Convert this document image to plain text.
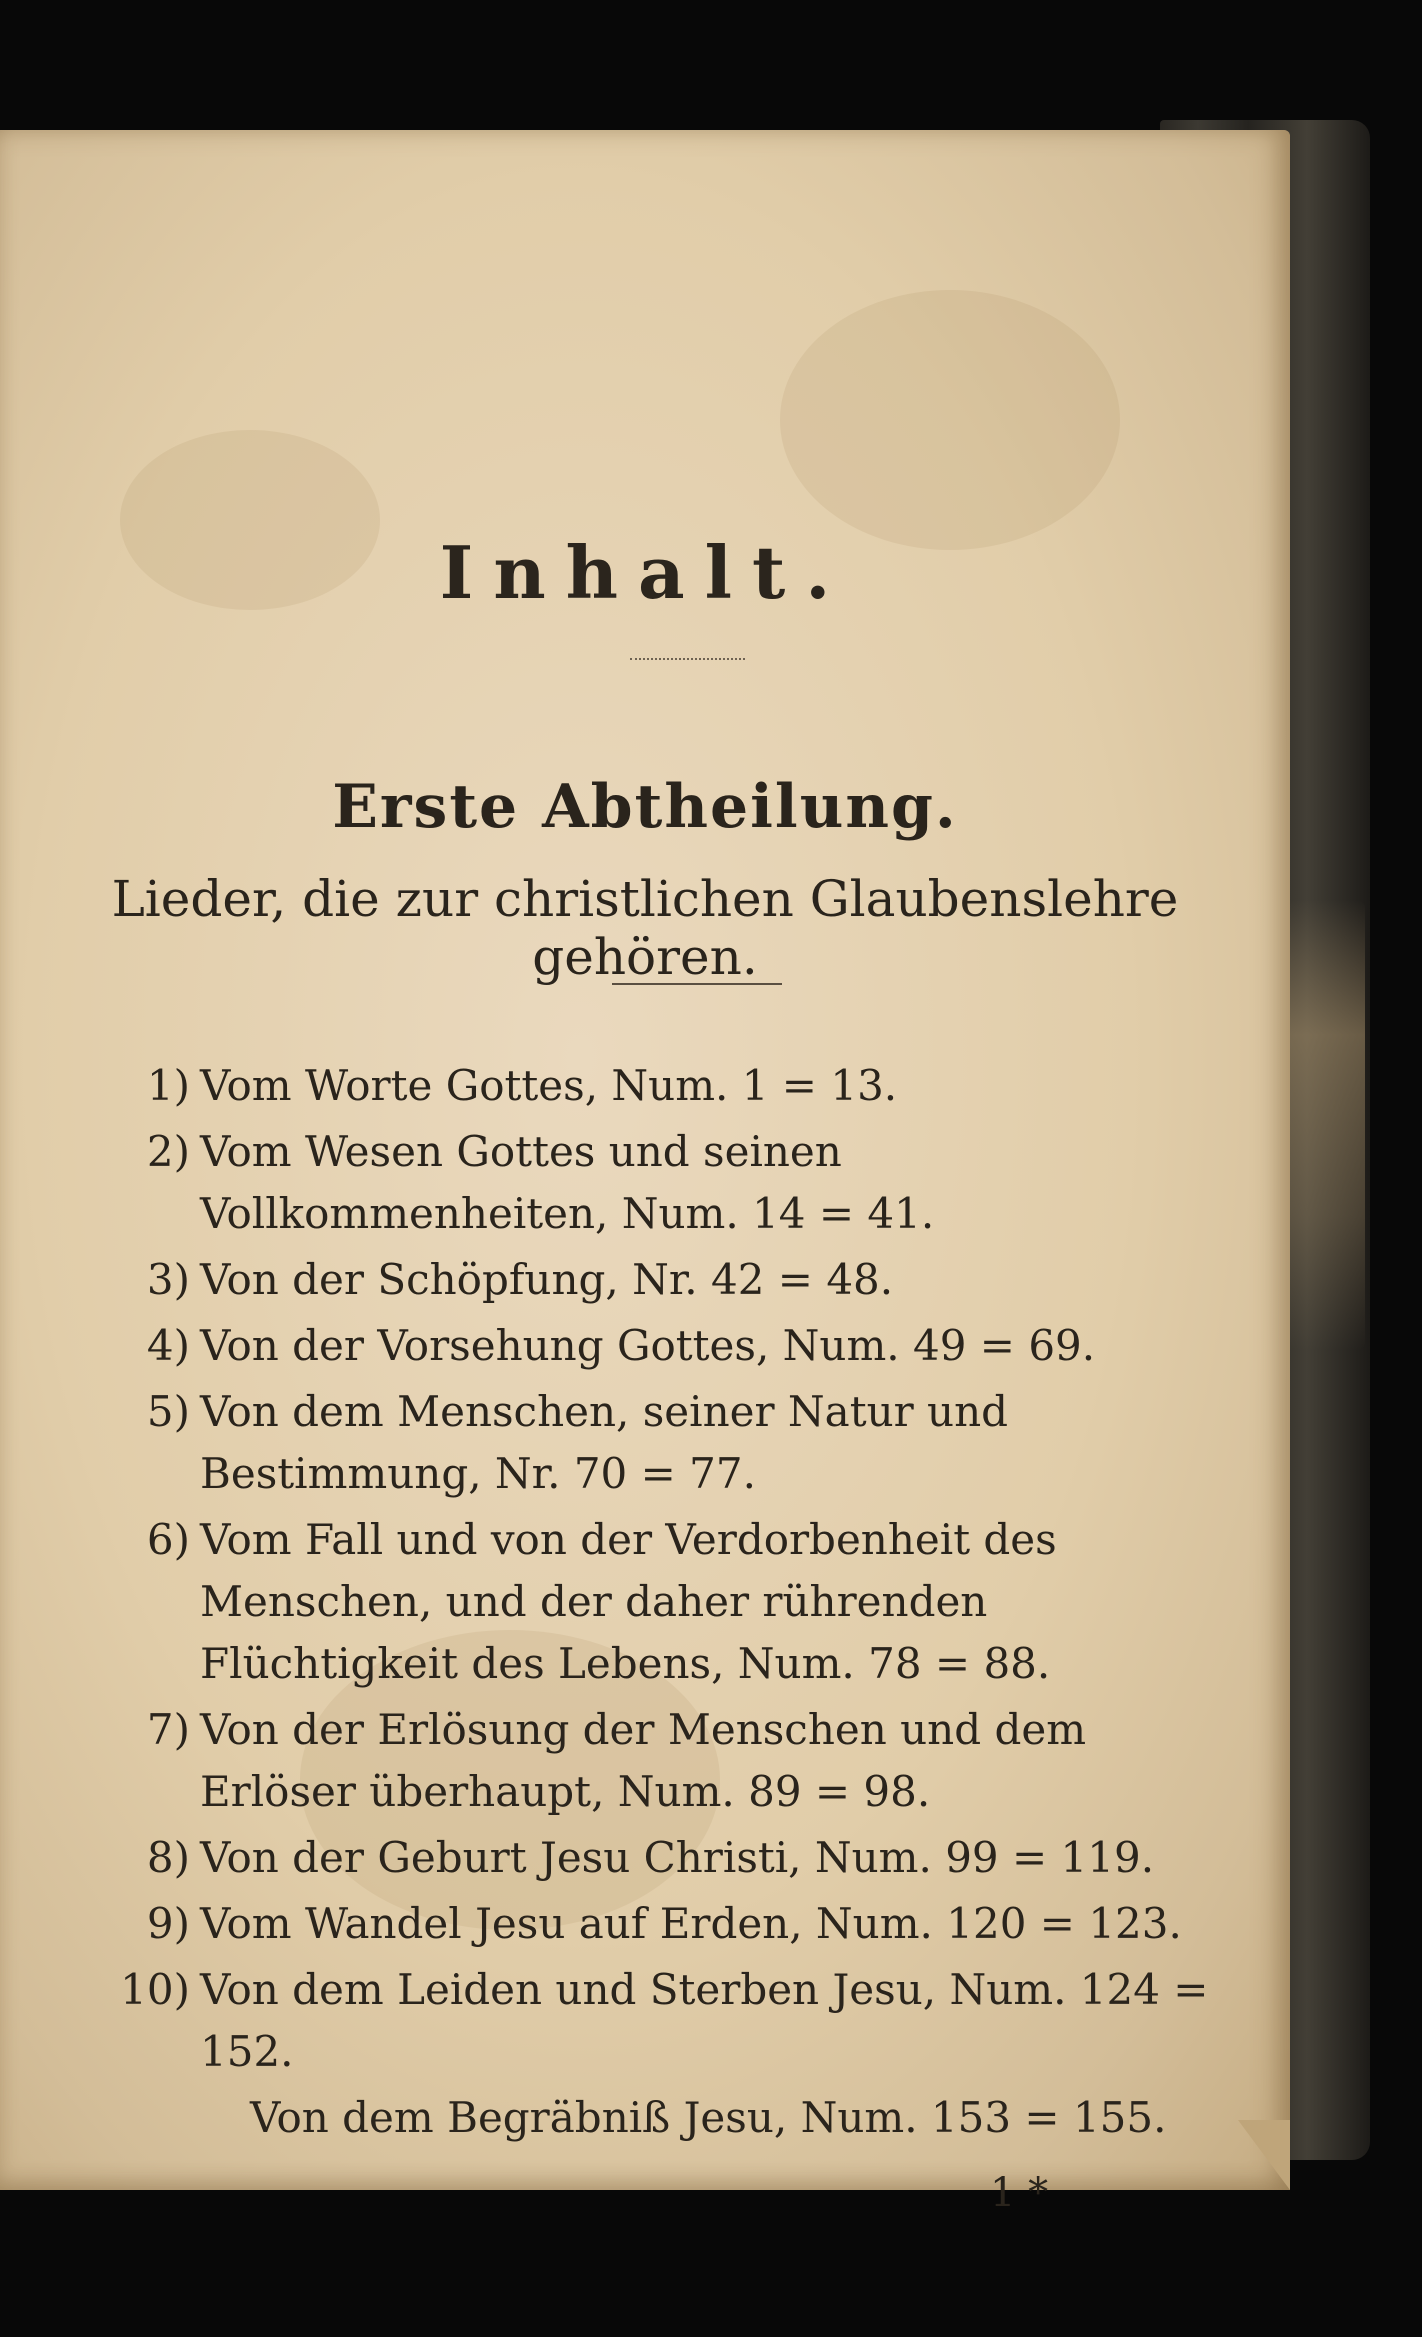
Inhalt.
Erste Abtheilung.
Lieder, die zur christlichen Glaubenslehre gehören.
1) Vom Worte Gottes, Num. 1 = 13.
2) Vom Wesen Gottes und seinen Vollkommenheiten, Num. 14 = 41.
3) Von der Schöpfung, Nr. 42 = 48.
4) Von der Vorsehung Gottes, Num. 49 = 69.
5) Von dem Menschen, seiner Natur und Bestimmung, Nr. 70 = 77.
6) Vom Fall und von der Verdorbenheit des Menschen, und der daher rührenden Flüchtigkeit des Lebens, Num. 78 = 88.
7) Von der Erlösung der Menschen und dem Erlöser überhaupt, Num. 89 = 98.
8) Von der Geburt Jesu Christi, Num. 99 = 119.
9) Vom Wandel Jesu auf Erden, Num. 120 = 123.
10) Von dem Leiden und Sterben Jesu, Num. 124 = 152.
Von dem Begräbniß Jesu, Num. 153 = 155.
1 *
